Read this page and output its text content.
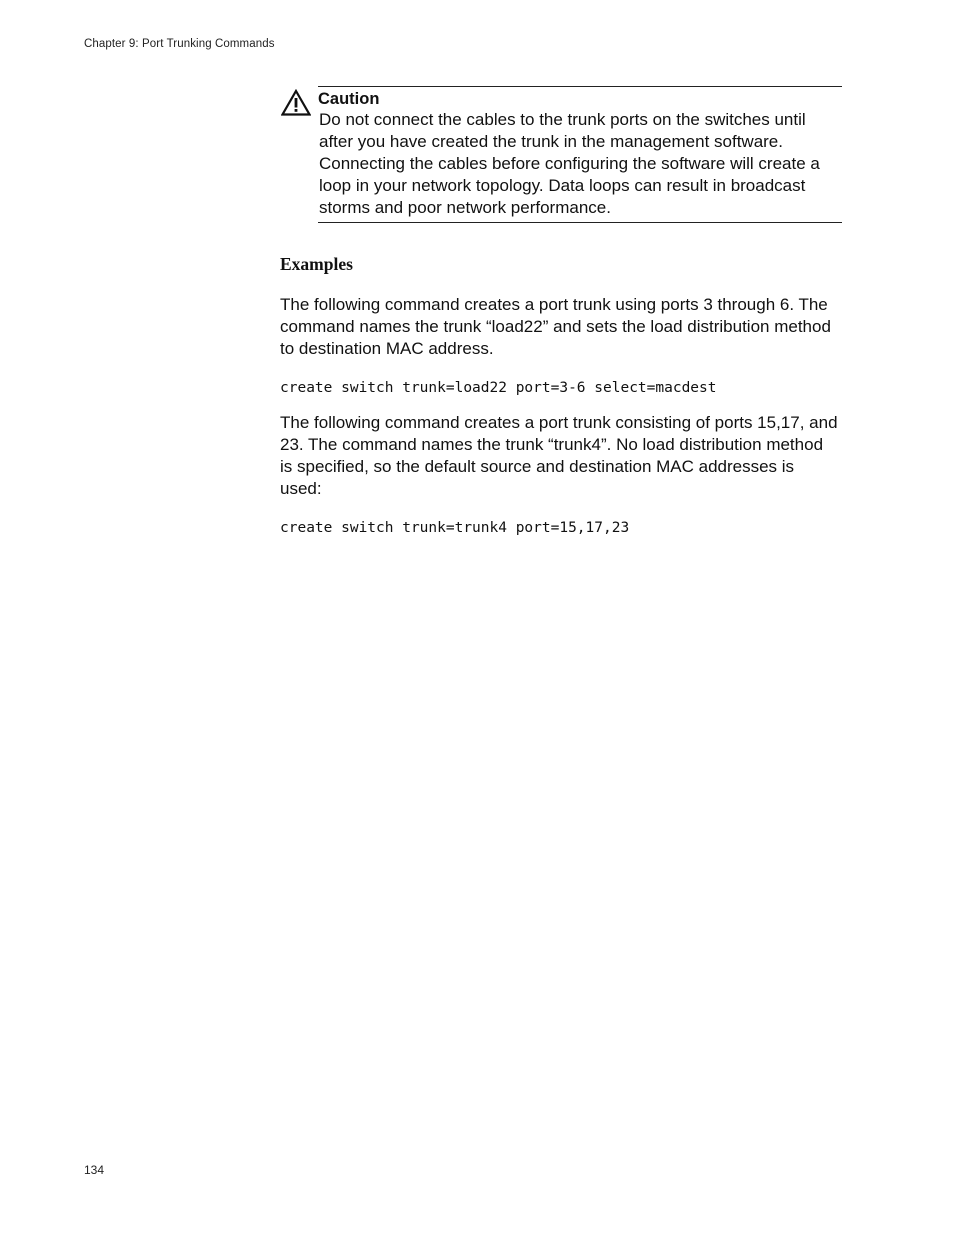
Chapter 9: Port Trunking Commands
Caution

Do not connect the cables to the trunk ports on the switches until after you have created the trunk in the management software. Connecting the cables before configuring the software will create a loop in your network topology. Data loops can result in broadcast storms and poor network performance.

Examples

The following command creates a port trunk using ports 3 through 6. The command names the trunk “load22” and sets the load distribution method to destination MAC address.

create switch trunk=load22 port=3-6 select=macdest

The following command creates a port trunk consisting of ports 15,17, and 23. The command names the trunk “trunk4”. No load distribution method is specified, so the default source and destination MAC addresses is used:

create switch trunk=trunk4 port=15,17,23
134
